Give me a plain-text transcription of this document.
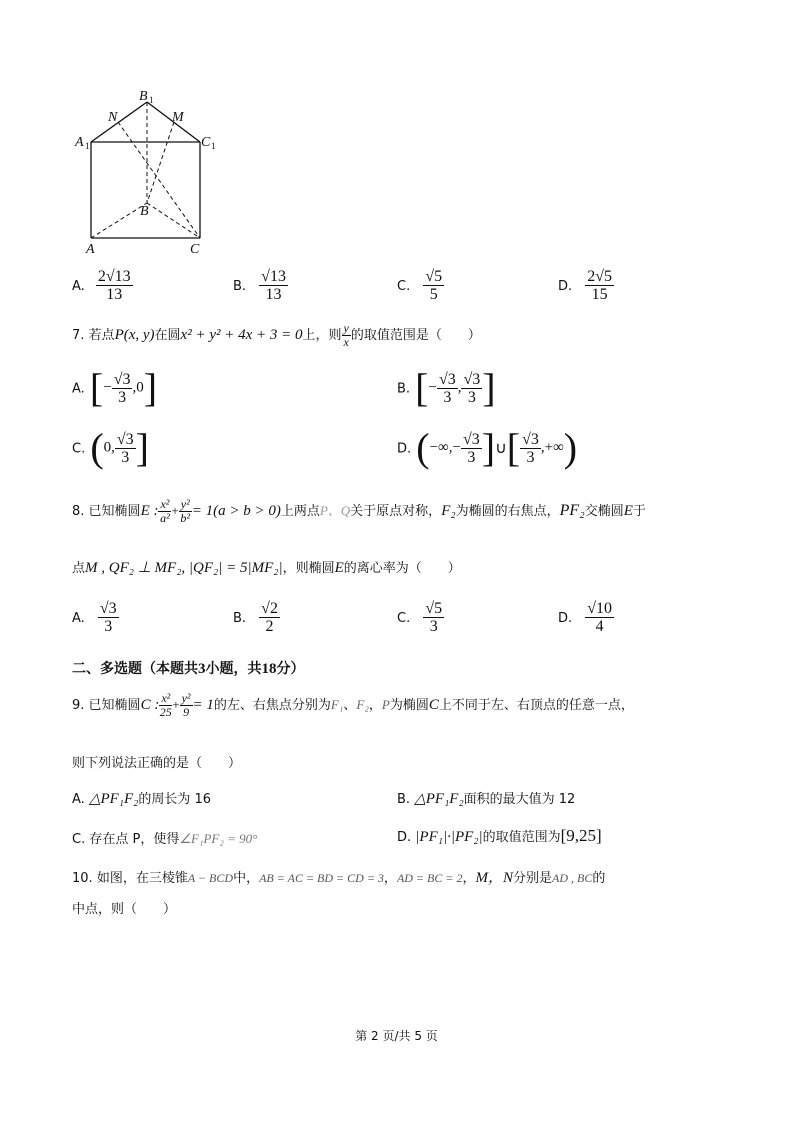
B 1
N	M
A 1	C 1
B
A	C
A. $\frac{2√13}{13}$	B. $\frac{√13}{13}$	C. $\frac{√5}{5}$	D. $\frac{2√5}{15}$
7. 若点P(x, y)在圆x² + y² + 4x + 3 = 0上，则 $\frac{y}{x}$ 的取值范围是（　　）
A. [− $\frac{√3}{3} ,0$]	B. [− $\frac{√3}{3}$ , $\frac{√3}{3}$ ]
C. (0, $\frac{√3}{3}$ ]	D. (−∞,− $\frac{√3}{3}$ ]∪[ $\frac{√3}{3}$ ,+∞)
8. 已知椭圆E : $\frac{\text{x²}}{\text{a²}} + \frac{\text{y²}}{\text{b²}} = 1(a > b > 0)$上两点P、Q关于原点对称，F₂为椭圆的右焦点，PF₂交椭圆E于
点M , QF₂ ⊥ MF₂, |QF₂| = 5|MF₂|，则椭圆E的离心率为（　　）
A. $\frac{√3}{3}$	B. $\frac{√2}{2}$	C. $\frac{√5}{3}$	D. $\frac{√10}{4}$
二、多选题（本题共3小题，共18分）
9. 已知椭圆C : $\frac{\text{x²}}{25} + \frac{\text{y²}}{9} = 1$的左、右焦点分别为F₁、F₂，P为椭圆C上不同于左、右顶点的任意一点，
则下列说法正确的是（　　）
A. △PF₁F₂的周长为 16	B. △PF₁F₂面积的最大值为 12
C. 存在点 P，使得∠F₁PF₂ = 90°	D. |PF₁|·|PF₂|的取值范围为[9,25]
10. 如图，在三棱锥A − BCD中，AB = AC = BD = CD = 3，AD = BC = 2，M，N分别是AD , BC的
中点，则（　　）
第 2 页/共 5 页
